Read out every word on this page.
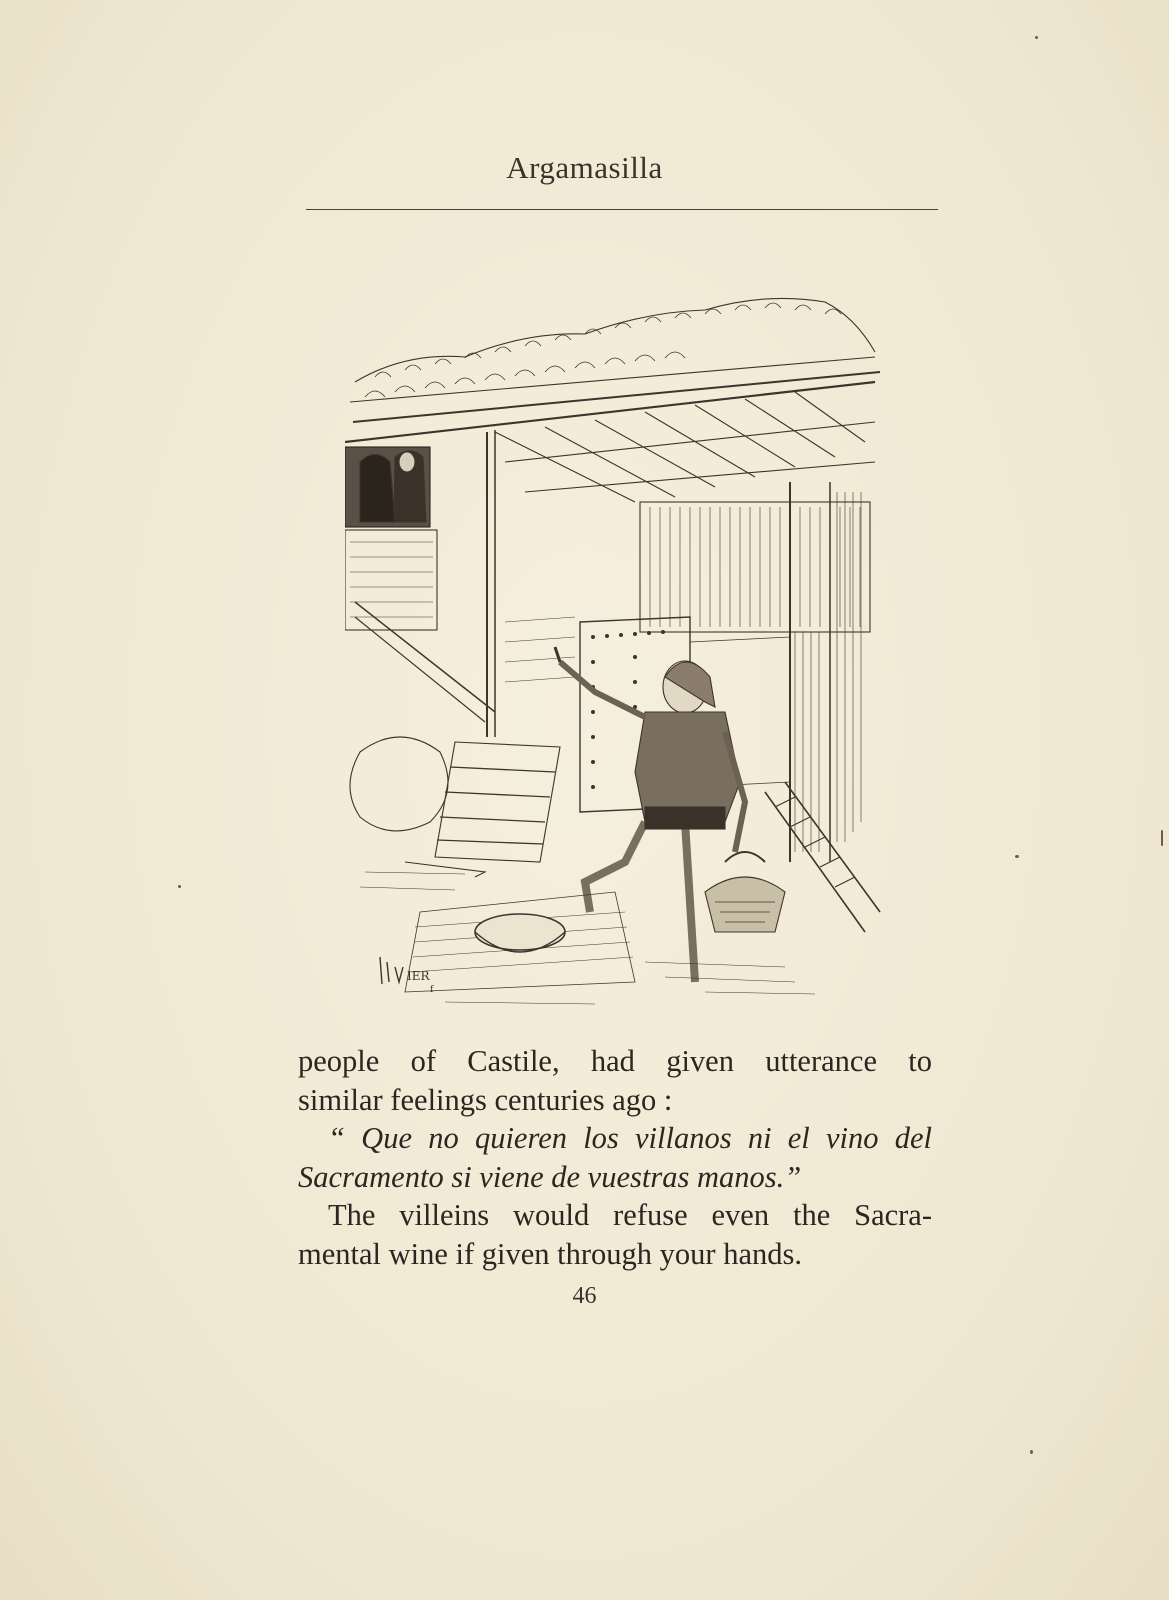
Argamasilla
IER
f
people of Castile, had given utterance to
similar feelings centuries ago :
“ Que no quieren los villanos ni el vino del
Sacramento si viene de vuestras manos.”
The villeins would refuse even the Sacra-
mental wine if given through your hands.
46
